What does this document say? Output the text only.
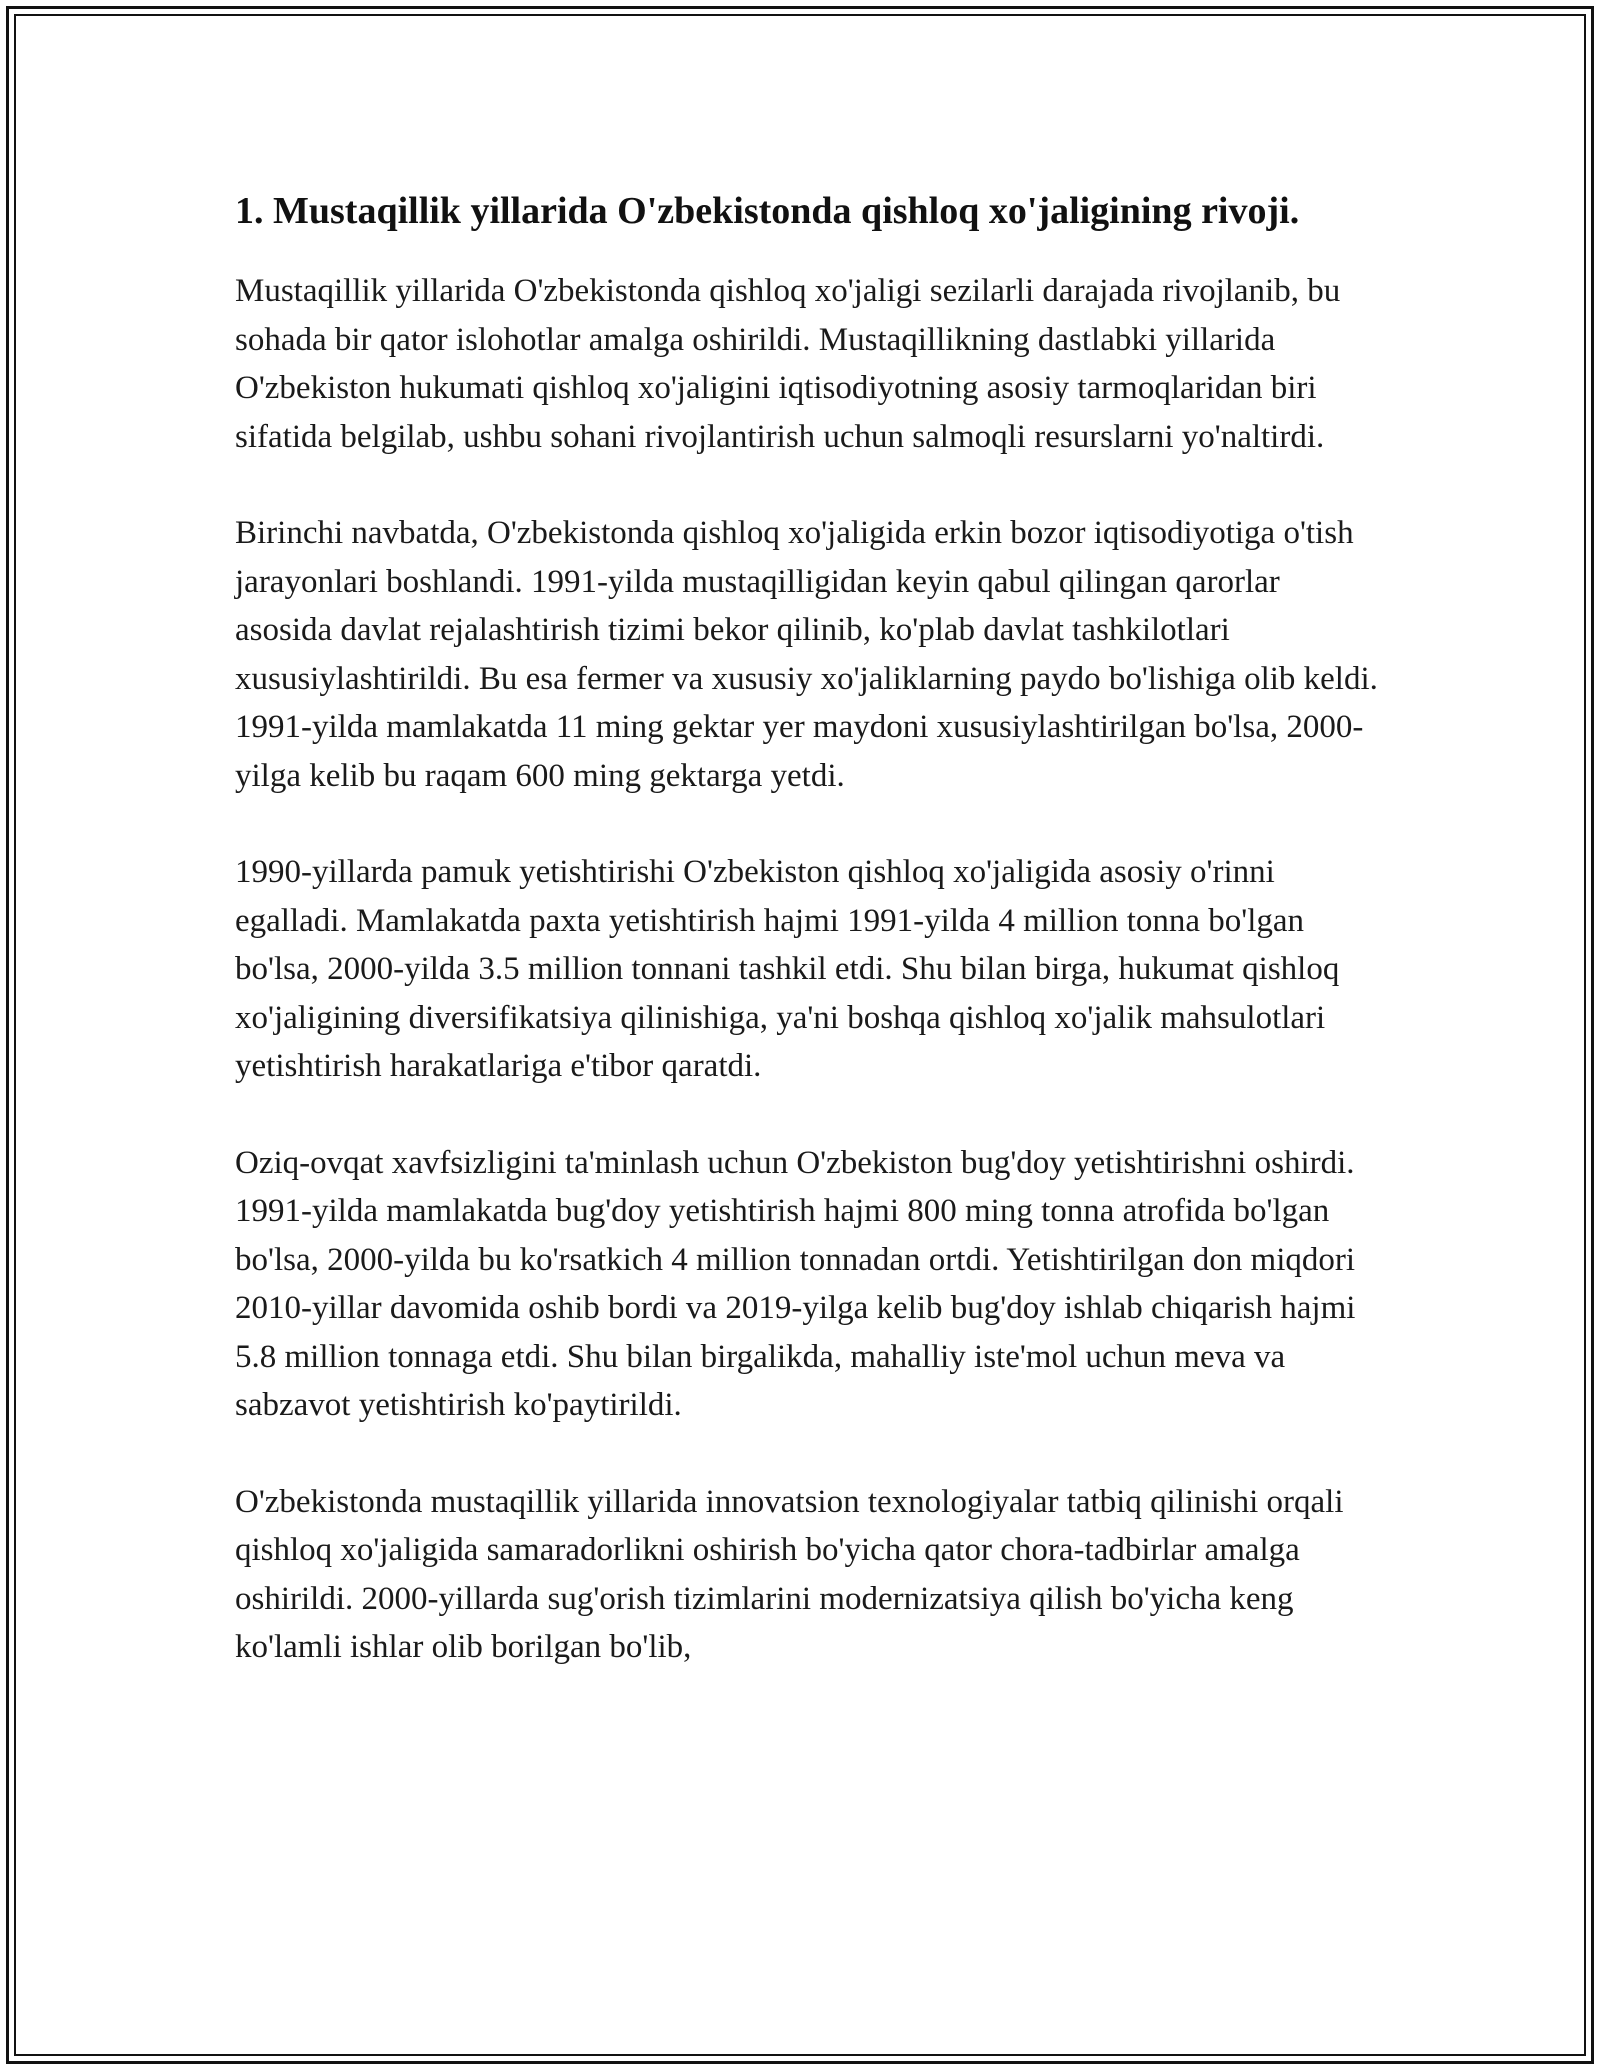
1. Mustaqillik yillarida O'zbekistonda qishloq xo'jaligining rivoji.

Mustaqillik yillarida O'zbekistonda qishloq xo'jaligi sezilarli darajada rivojlanib, bu sohada bir qator islohotlar amalga oshirildi. Mustaqillikning dastlabki yillarida O'zbekiston hukumati qishloq xo'jaligini iqtisodiyotning asosiy tarmoqlaridan biri sifatida belgilab, ushbu sohani rivojlantirish uchun salmoqli resurslarni yo'naltirdi.

Birinchi navbatda, O'zbekistonda qishloq xo'jaligida erkin bozor iqtisodiyotiga o'tish jarayonlari boshlandi. 1991-yilda mustaqilligidan keyin qabul qilingan qarorlar asosida davlat rejalashtirish tizimi bekor qilinib, ko'plab davlat tashkilotlari xususiylashtirildi. Bu esa fermer va xususiy xo'jaliklarning paydo bo'lishiga olib keldi. 1991-yilda mamlakatda 11 ming gektar yer maydoni xususiylashtirilgan bo'lsa, 2000-yilga kelib bu raqam 600 ming gektarga yetdi.

1990-yillarda pamuk yetishtirishi O'zbekiston qishloq xo'jaligida asosiy o'rinni egalladi. Mamlakatda paxta yetishtirish hajmi 1991-yilda 4 million tonna bo'lgan bo'lsa, 2000-yilda 3.5 million tonnani tashkil etdi. Shu bilan birga, hukumat qishloq xo'jaligining diversifikatsiya qilinishiga, ya'ni boshqa qishloq xo'jalik mahsulotlari yetishtirish harakatlariga e'tibor qaratdi.

Oziq-ovqat xavfsizligini ta'minlash uchun O'zbekiston bug'doy yetishtirishni oshirdi. 1991-yilda mamlakatda bug'doy yetishtirish hajmi 800 ming tonna atrofida bo'lgan bo'lsa, 2000-yilda bu ko'rsatkich 4 million tonnadan ortdi. Yetishtirilgan don miqdori 2010-yillar davomida oshib bordi va 2019-yilga kelib bug'doy ishlab chiqarish hajmi 5.8 million tonnaga etdi. Shu bilan birgalikda, mahalliy iste'mol uchun meva va sabzavot yetishtirish ko'paytirildi.

O'zbekistonda mustaqillik yillarida innovatsion texnologiyalar tatbiq qilinishi orqali qishloq xo'jaligida samaradorlikni oshirish bo'yicha qator chora-tadbirlar amalga oshirildi. 2000-yillarda sug'orish tizimlarini modernizatsiya qilish bo'yicha keng ko'lamli ishlar olib borilgan bo'lib,
